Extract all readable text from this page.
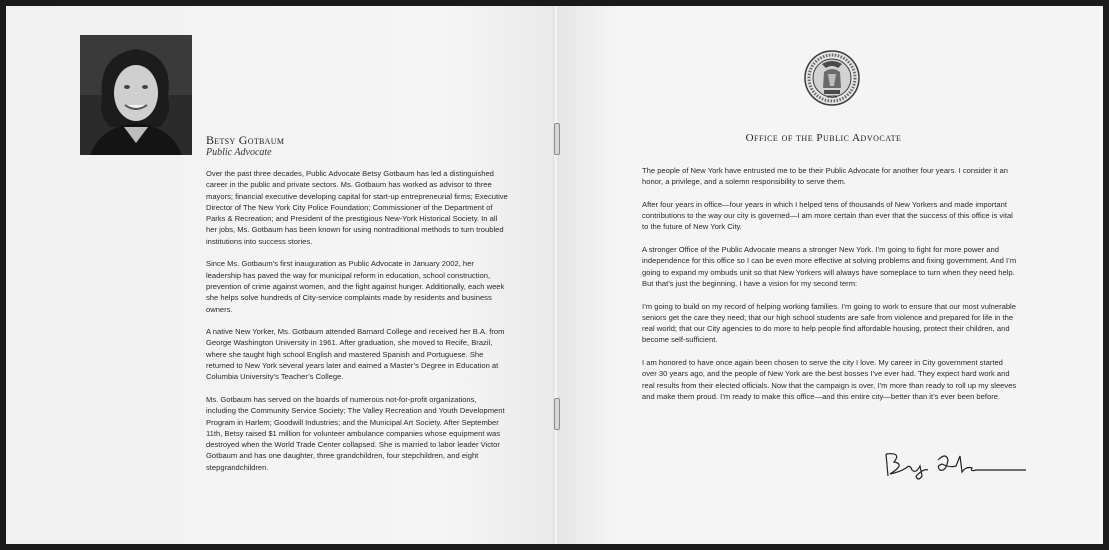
Betsy Gotbaum
Public Advocate

Over the past three decades, Public Advocate Betsy Gotbaum has led a distinguished career in the public and private sectors. Ms. Gotbaum has worked as advisor to three mayors; financial executive developing capital for start-up entrepreneurial firms; Executive Director of The New York City Police Foundation; Commissioner of the Department of Parks & Recreation; and President of the prestigious New-York Historical Society. In all her jobs, Ms. Gotbaum has been known for using nontraditional methods to turn troubled institutions into success stories.

Since Ms. Gotbaum’s first inauguration as Public Advocate in January 2002, her leadership has paved the way for municipal reform in education, school construction, prevention of crime against women, and the fight against hunger. Additionally, each week she helps solve hundreds of City-service complaints made by residents and business owners.

A native New Yorker, Ms. Gotbaum attended Barnard College and received her B.A. from George Washington University in 1961. After graduation, she moved to Recife, Brazil, where she taught high school English and mastered Spanish and Portuguese. She returned to New York several years later and earned a Master’s Degree in Education at Columbia University’s Teacher’s College.

Ms. Gotbaum has served on the boards of numerous not-for-profit organizations, including the Community Service Society; The Valley Recreation and Youth Development Program in Harlem; Goodwill Industries; and the Municipal Art Society. After September 11th, Betsy raised $1 million for volunteer ambulance companies whose equipment was destroyed when the World Trade Center collapsed. She is married to labor leader Victor Gotbaum and has one daughter, three grandchildren, four stepchildren, and eight stepgrandchildren.

1625
Office of the Public Advocate

The people of New York have entrusted me to be their Public Advocate for another four years. I consider it an honor, a privilege, and a solemn responsibility to serve them.

After four years in office—four years in which I helped tens of thousands of New Yorkers and made important contributions to the way our city is governed—I am more certain than ever that the success of this office is vital to the future of New York City.

A stronger Office of the Public Advocate means a stronger New York. I’m going to fight for more power and independence for this office so I can be even more effective at solving problems and fixing government. And I’m going to expand my ombuds unit so that New Yorkers will always have someplace to turn when they need help. But that’s just the beginning. I have a vision for my second term:

I’m going to build on my record of helping working families. I’m going to work to ensure that our most vulnerable seniors get the care they need; that our high school students are safe from violence and prepared for life in the real world; that our City agencies to do more to help people find affordable housing, protect their children, and become self-sufficient.

I am honored to have once again been chosen to serve the city I love. My career in City government started over 30 years ago, and the people of New York are the best bosses I’ve ever had. They expect hard work and real results from their elected officials. Now that the campaign is over, I’m more than ready to roll up my sleeves and make them proud. I’m ready to make this office—and this entire city—better than it’s ever been before.
